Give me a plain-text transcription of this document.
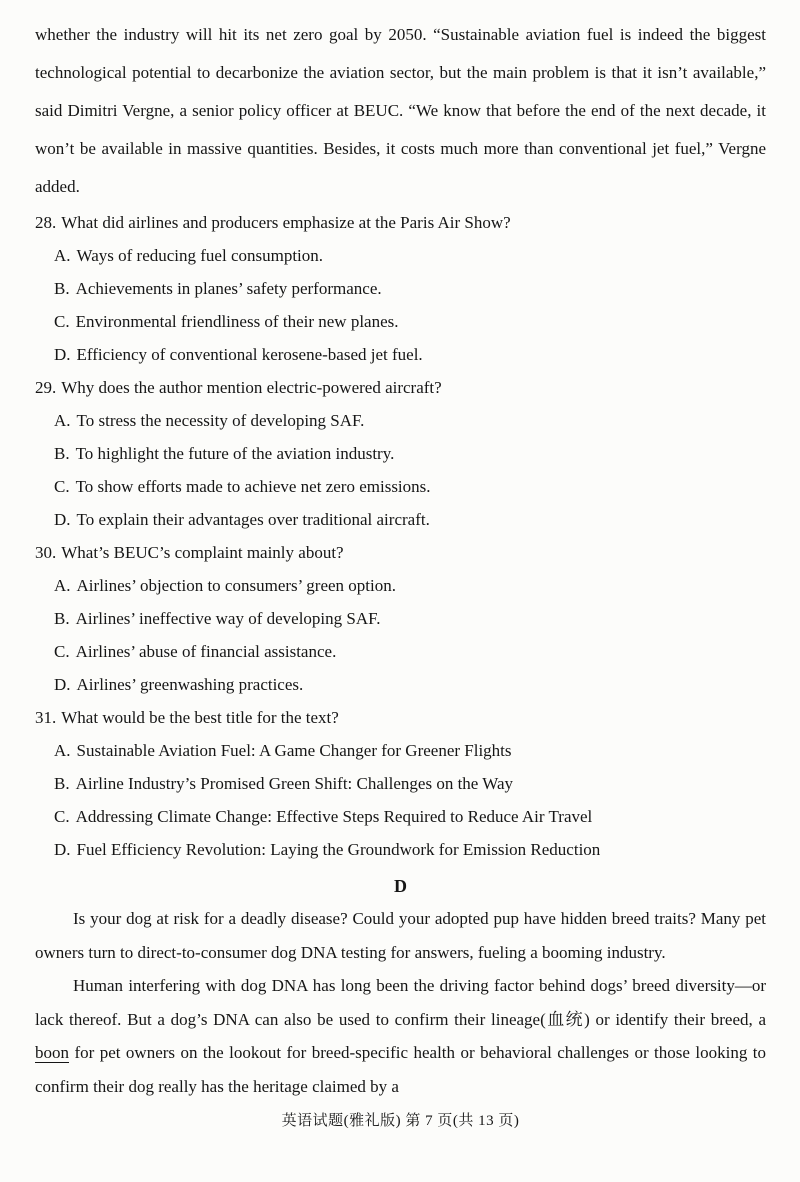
whether the industry will hit its net zero goal by 2050. “Sustainable aviation fuel is indeed the biggest technological potential to decarbonize the aviation sector, but the main problem is that it isn’t available,” said Dimitri Vergne, a senior policy officer at BEUC. “We know that before the end of the next decade, it won’t be available in massive quantities. Besides, it costs much more than conventional jet fuel,” Vergne added.

28. What did airlines and producers emphasize at the Paris Air Show?
A. Ways of reducing fuel consumption.
B. Achievements in planes’ safety performance.
C. Environmental friendliness of their new planes.
D. Efficiency of conventional kerosene-based jet fuel.
29. Why does the author mention electric-powered aircraft?
A. To stress the necessity of developing SAF.
B. To highlight the future of the aviation industry.
C. To show efforts made to achieve net zero emissions.
D. To explain their advantages over traditional aircraft.
30. What’s BEUC’s complaint mainly about?
A. Airlines’ objection to consumers’ green option.
B. Airlines’ ineffective way of developing SAF.
C. Airlines’ abuse of financial assistance.
D. Airlines’ greenwashing practices.
31. What would be the best title for the text?
A. Sustainable Aviation Fuel: A Game Changer for Greener Flights
B. Airline Industry’s Promised Green Shift: Challenges on the Way
C. Addressing Climate Change: Effective Steps Required to Reduce Air Travel
D. Fuel Efficiency Revolution: Laying the Groundwork for Emission Reduction
D

Is your dog at risk for a deadly disease? Could your adopted pup have hidden breed traits? Many pet owners turn to direct-to-consumer dog DNA testing for answers, fueling a booming industry.

Human interfering with dog DNA has long been the driving factor behind dogs’ breed diversity—or lack thereof. But a dog’s DNA can also be used to confirm their lineage(血统) or identify their breed, a boon for pet owners on the lookout for breed-specific health or behavioral challenges or those looking to confirm their dog really has the heritage claimed by a

英语试题(雅礼版) 第 7 页(共 13 页)
